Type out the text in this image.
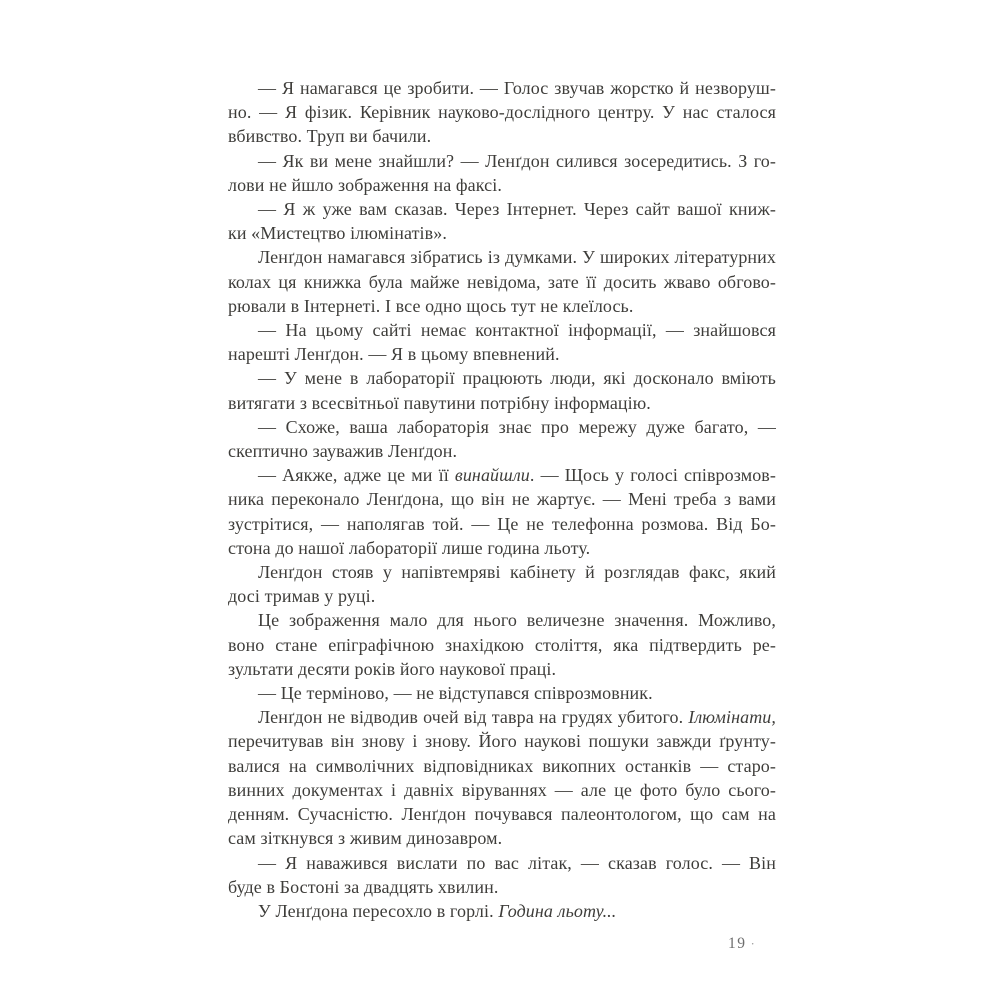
— Я намагався це зробити. — Голос звучав жорстко й незворуш-
но. — Я фізик. Керівник науково-дослідного центру. У нас сталося
вбивство. Труп ви бачили.
— Як ви мене знайшли? — Ленґдон силився зосередитись. З го-
лови не йшло зображення на факсі.
— Я ж уже вам сказав. Через Інтернет. Через сайт вашої книж-
ки «Мистецтво ілюмінатів».
Ленґдон намагався зібратись із думками. У широких літературних
колах ця книжка була майже невідома, зате її досить жваво обгово-
рювали в Інтернеті. І все одно щось тут не клеїлось.
— На цьому сайті немає контактної інформації, — знайшовся
нарешті Ленґдон. — Я в цьому впевнений.
— У мене в лабораторії працюють люди, які досконало вміють
витягати з всесвітньої павутини потрібну інформацію.
— Схоже, ваша лабораторія знає про мережу дуже багато, —
скептично зауважив Ленґдон.
— Аякже, адже це ми її винайшли. — Щось у голосі співрозмов-
ника переконало Ленґдона, що він не жартує. — Мені треба з вами
зустрітися, — наполягав той. — Це не телефонна розмова. Від Бо-
стона до нашої лабораторії лише година льоту.
Ленґдон стояв у напівтемряві кабінету й розглядав факс, який
досі тримав у руці.
Це зображення мало для нього величезне значення. Можливо,
воно стане епіграфічною знахідкою століття, яка підтвердить ре-
зультати десяти років його наукової праці.
— Це терміново, — не відступався співрозмовник.
Ленґдон не відводив очей від тавра на грудях убитого. Ілюмінати,
перечитував він знову і знову. Його наукові пошуки завжди ґрунту-
валися на символічних відповідниках викопних останків — старо-
винних документах і давніх віруваннях — але це фото було сього-
денням. Сучасністю. Ленґдон почувався палеонтологом, що сам на
сам зіткнувся з живим динозавром.
— Я наважився вислати по вас літак, — сказав голос. — Він
буде в Бостоні за двадцять хвилин.
У Ленґдона пересохло в горлі. Година льоту...
19 ·
